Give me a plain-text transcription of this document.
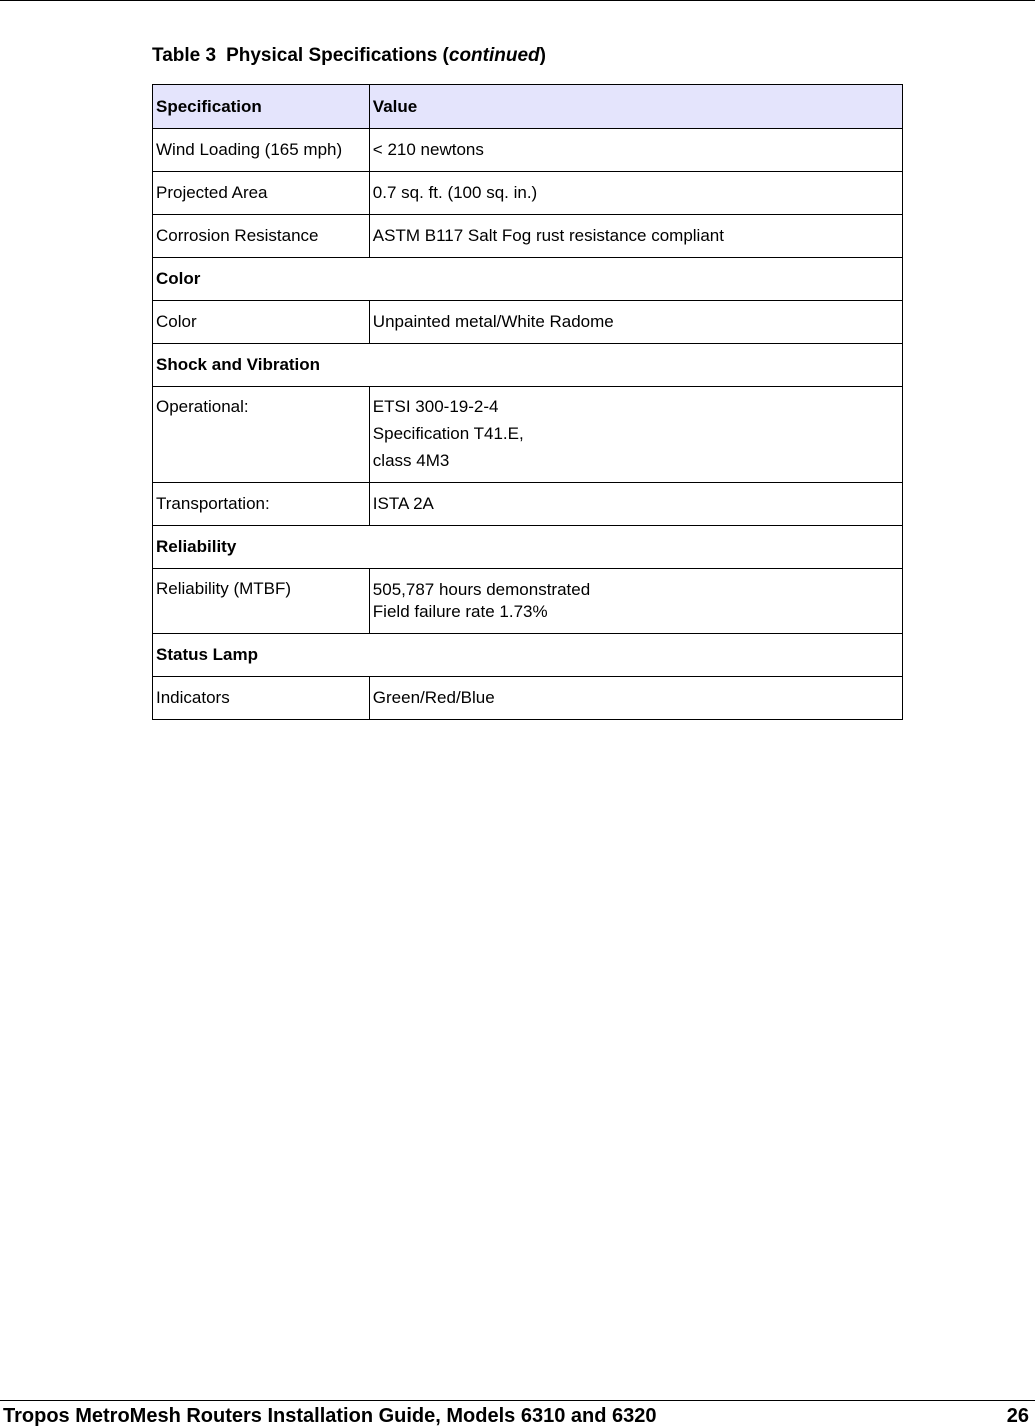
Table 3 Physical Specifications (continued)
Specification	Value
Wind Loading (165 mph)	< 210 newtons
Projected Area	0.7 sq. ft. (100 sq. in.)
Corrosion Resistance	ASTM B117 Salt Fog rust resistance compliant
Color	
Color	Unpainted metal/White Radome
Shock and Vibration	

Operational:	ETSI 300-19-2-4
Specification T41.E,
class 4M3

Transportation:	ISTA 2A
Reliability	
Reliability (MTBF)	505,787 hours demonstrated
Field failure rate 1.73%

Status Lamp	
Indicators	Green/Red/Blue
Tropos MetroMesh Routers Installation Guide, Models 6310 and 6320	26
